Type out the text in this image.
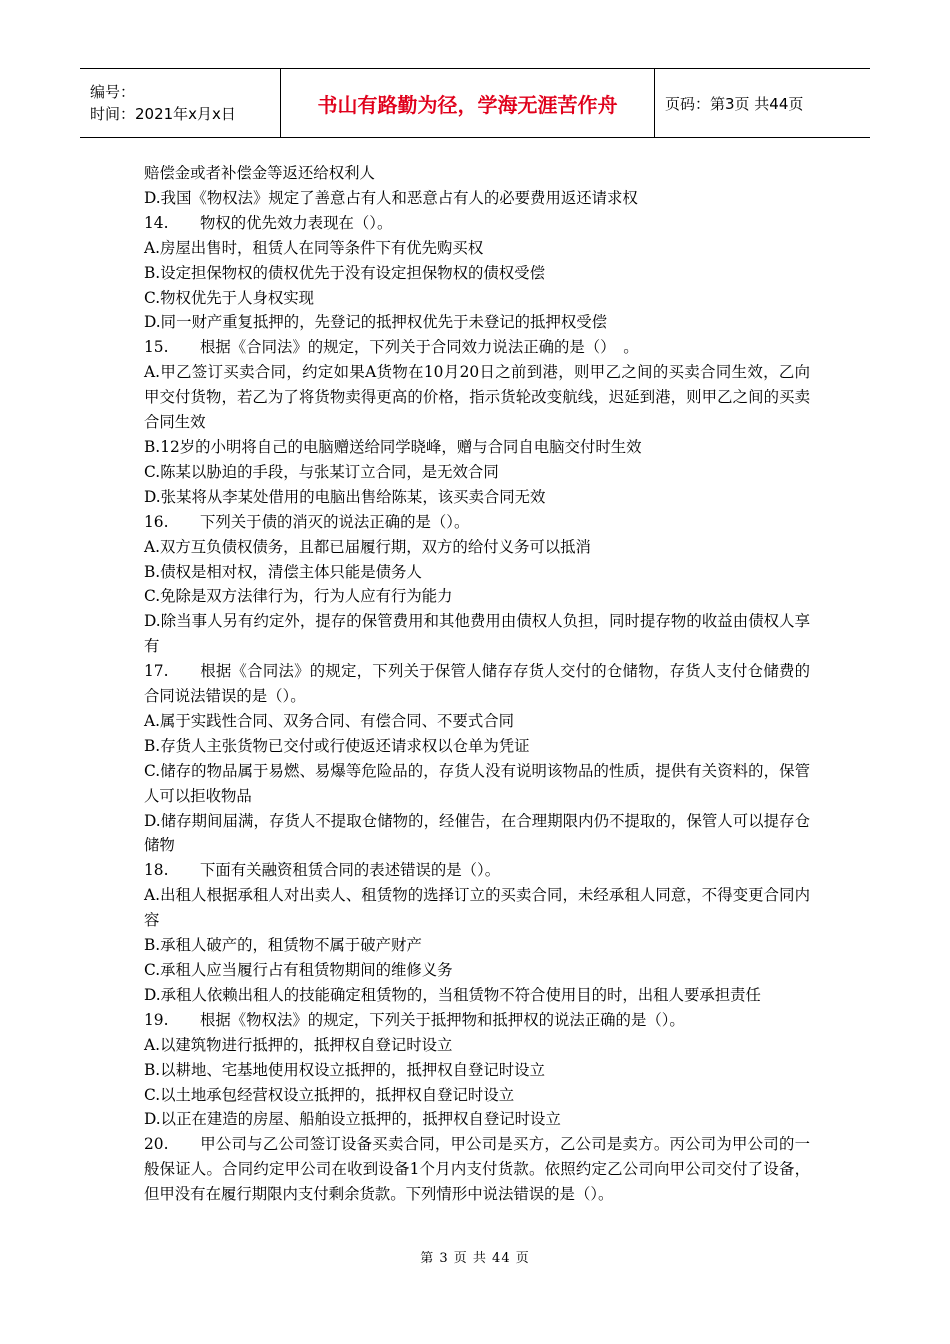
编号：
时间：2021年x月x日	书山有路勤为径，学海无涯苦作舟	页码：第3页 共44页

赔偿金或者补偿金等返还给权利人

D.我国《物权法》规定了善意占有人和恶意占有人的必要费用返还请求权

14. 物权的优先效力表现在（）。

A.房屋出售时，租赁人在同等条件下有优先购买权

B.设定担保物权的债权优先于没有设定担保物权的债权受偿

C.物权优先于人身权实现

D.同一财产重复抵押的，先登记的抵押权优先于未登记的抵押权受偿

15. 根据《合同法》的规定，下列关于合同效力说法正确的是（）　。

A.甲乙签订买卖合同，约定如果A货物在10月20日之前到港，则甲乙之间的买卖合同生效，乙向甲交付货物，若乙为了将货物卖得更高的价格，指示货轮改变航线，迟延到港，则甲乙之间的买卖合同生效

B.12岁的小明将自己的电脑赠送给同学晓峰，赠与合同自电脑交付时生效

C.陈某以胁迫的手段，与张某订立合同，是无效合同

D.张某将从李某处借用的电脑出售给陈某，该买卖合同无效

16. 下列关于债的消灭的说法正确的是（）。

A.双方互负债权债务，且都已届履行期，双方的给付义务可以抵消

B.债权是相对权，清偿主体只能是债务人

C.免除是双方法律行为，行为人应有行为能力

D.除当事人另有约定外，提存的保管费用和其他费用由债权人负担，同时提存物的收益由债权人享有

17. 根据《合同法》的规定，下列关于保管人储存存货人交付的仓储物，存货人支付仓储费的合同说法错误的是（）。

A.属于实践性合同、双务合同、有偿合同、不要式合同

B.存货人主张货物已交付或行使返还请求权以仓单为凭证

C.储存的物品属于易燃、易爆等危险品的，存货人没有说明该物品的性质，提供有关资料的，保管人可以拒收物品

D.储存期间届满，存货人不提取仓储物的，经催告，在合理期限内仍不提取的，保管人可以提存仓储物

18. 下面有关融资租赁合同的表述错误的是（）。

A.出租人根据承租人对出卖人、租赁物的选择订立的买卖合同，未经承租人同意，不得变更合同内容

B.承租人破产的，租赁物不属于破产财产

C.承租人应当履行占有租赁物期间的维修义务

D.承租人依赖出租人的技能确定租赁物的，当租赁物不符合使用目的时，出租人要承担责任

19. 根据《物权法》的规定，下列关于抵押物和抵押权的说法正确的是（）。

A.以建筑物进行抵押的，抵押权自登记时设立

B.以耕地、宅基地使用权设立抵押的，抵押权自登记时设立

C.以土地承包经营权设立抵押的，抵押权自登记时设立

D.以正在建造的房屋、船舶设立抵押的，抵押权自登记时设立

20. 甲公司与乙公司签订设备买卖合同，甲公司是买方，乙公司是卖方。丙公司为甲公司的一般保证人。合同约定甲公司在收到设备1个月内支付货款。依照约定乙公司向甲公司交付了设备，但甲没有在履行期限内支付剩余货款。下列情形中说法错误的是（）。

第 3 页 共 44 页
